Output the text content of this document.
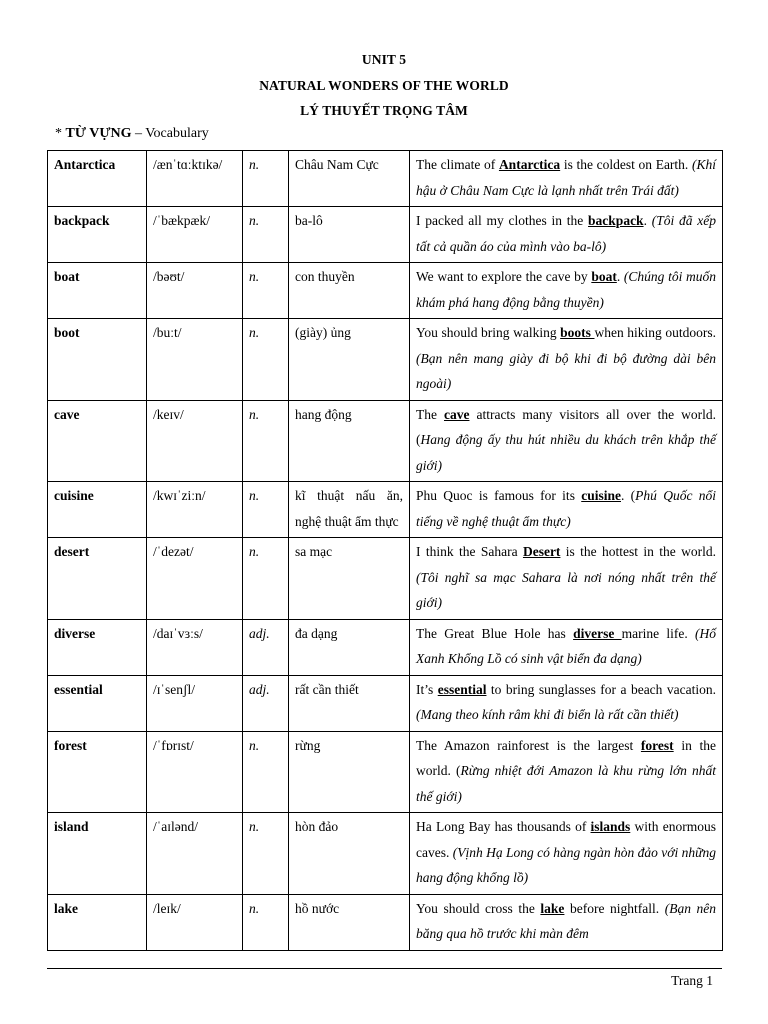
UNIT 5
NATURAL WONDERS OF THE WORLD
LÝ THUYẾT TRỌNG TÂM
* TỪ VỰNG – Vocabulary
Antarctica	/ænˈtɑːktɪkə/	n.	Châu Nam Cực	The climate of Antarctica is the coldest on Earth. (Khí hậu ở Châu Nam Cực là lạnh nhất trên Trái đất)
backpack	/ˈbækpæk/	n.	ba-lô	I packed all my clothes in the backpack. (Tôi đã xếp tất cả quần áo của mình vào ba-lô)
boat	/bəʊt/	n.	con thuyền	We want to explore the cave by boat. (Chúng tôi muốn khám phá hang động bằng thuyền)
boot	/buːt/	n.	(giày) ủng	You should bring walking boots when hiking outdoors. (Bạn nên mang giày đi bộ khi đi bộ đường dài bên ngoài)
cave	/keɪv/	n.	hang động	The cave attracts many visitors all over the world. (Hang động ấy thu hút nhiều du khách trên khắp thế giới)
cuisine	/kwɪˈziːn/	n.	kĩ thuật nấu ăn, nghệ thuật ẩm thực	Phu Quoc is famous for its cuisine. (Phú Quốc nổi tiếng về nghệ thuật ẩm thực)
desert	/ˈdezət/	n.	sa mạc	I think the Sahara Desert is the hottest in the world. (Tôi nghĩ sa mạc Sahara là nơi nóng nhất trên thế giới)
diverse	/daɪˈvɜːs/	adj.	đa dạng	The Great Blue Hole has diverse marine life. (Hố Xanh Khổng Lồ có sinh vật biển đa dạng)
essential	/ɪˈsenʃl/	adj.	rất cần thiết	It’s essential to bring sunglasses for a beach vacation. (Mang theo kính râm khi đi biển là rất cần thiết)
forest	/ˈfɒrɪst/	n.	rừng	The Amazon rainforest is the largest forest in the world. (Rừng nhiệt đới Amazon là khu rừng lớn nhất thế giới)
island	/ˈaɪlənd/	n.	hòn đảo	Ha Long Bay has thousands of islands with enormous caves. (Vịnh Hạ Long có hàng ngàn hòn đảo với những hang động khổng lồ)
lake	/leɪk/	n.	hồ nước	You should cross the lake before nightfall. (Bạn nên băng qua hồ trước khi màn đêm
Trang 1
